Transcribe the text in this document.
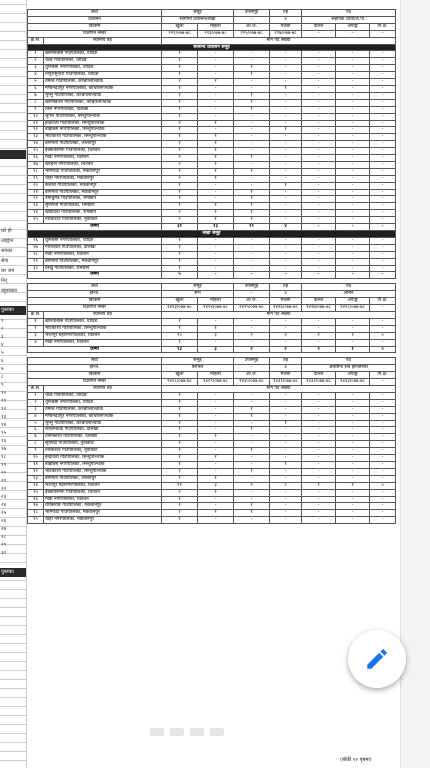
पुस्तका
पुस्तका
को हो
आह्वान
सवका
सेवा
का जम
निर्
बहुसंख्या
१
२
३
४
५
६
७
८
९
१०
११
१२
१३
१४
१५
१६
१७
१८
१९
२०
२१
२२
२३
२४
२५
२६
२७
२८
२९
३०
सेवा		समूह		उपसमूह	तह	पद		
प्रशासन		सामान्य प्रशासन/लेखा		–	४	सहायक चौथो/ले.पा.		
किसिम		खुला	महिला	आ.ज.	मधेसी	दलित	अपाङ्ग	पि.क्षे.
विज्ञापन नम्बर		२२२/०७७-७८	२२३/०७७-७८	२२५/०७७-७८	२२७/०७७-७८	–	–	–
क्र.सं.	स्थानीय तह	माग पद संख्या						
सामान्य प्रशासन समूह								
१	खनियाबास गाउँपालिका, धादिङ	१	-	-	-	-	-	-
२	थाक्रे गाउँपालिका, धादिङ	१	-	-	-	-	-	-
३	धुनिबेंसी नगरपालिका, धादिङ	१	-	१	-	-	-	-
४	त्रिपुरासुन्दरी गाउँपालिका, धादिङ	१	-	१	-	-	-	-
५	तेमाल गाउँपालिका, काभ्रेपलाञ्चोक	२	१	-	-	-	-	-
६	मण्डनदेउपुर नगरपालिका, काभ्रेपलाञ्चोक	१	-	-	१	-	-	-
७	भुम्लु गाउँपालिका, काभ्रेपलाञ्चोक	१	-	१	-	-	-	-
८	खानीखोला गाउँपालिका, काभ्रेपलाञ्चोक	१	-	१	-	-	-	-
९	किर्ने नगरपालिका, दोलखा	१	-	१	-	-	-	-
१०	जुगल गाउँपालिका, सिन्धुपाल्चोक	१	-	-	-	-	-	-
११	इन्द्रावती गाउँपालिका, सिन्धुपाल्चोक	२	१	-	-	-	-	-
१२	बाह्रबिसे नगरपालिका, सिन्धुपाल्चोक	१	-	-	१	-	-	-
१३	भोटेकोशी गाउँपालिका, सिन्धुपाल्चोक	१	१	-	-	-	-	-
१४	बागमती गाउँपालिका, ललितपुर	१	१	-	-	-	-	-
१५	इच्छाकामना गाउँपालिका, चितवन	१	१	-	-	-	-	-
१६	माडी नगरपालिका, चितवन	२	१	१	-	-	-	-
१७	खैरहनी नगरपालिका, चितवन	२	१	-	-	-	-	-
१८	भीमफेदी गाउँपालिका, मकवानपुर	१	१	१	-	-	-	-
१९	थाहा नगरपालिका, मकवानपुर	२	१	-	-	-	-	-
२०	कैलाश गाउँपालिका, मकवानपुर	१	-	-	१	-	-	-
२१	बागमती गाउँपालिका, मकवानपुर	१	-	१	-	-	-	-
२२	उमाकुण्ड गाउँपालिका, रामेछाप	१	-	१	-	-	-	-
२३	सुनापती गाउँपालिका, रामेछाप	१	१	१	-	-	-	-
२४	खाँडादेवी गाउँपालिका, रामेछाप	२	१	१	-	-	-	-
२५	तारकेश्वर गाउँपालिका, नुवाकोट	२	१	१	-	-	-	-
जम्मा		३१	१३	११	४	-	-	-
लेखा समूह								
२६	धुनिबेंसी नगरपालिका, धादिङ	१	-	-	-	-	-	-
२७	गौरीशंकर गाउँपालिका, दोलखा	१	-	-	-	-	-	-
२८	माडी नगरपालिका, चितवन	१	-	-	-	-	-	-
२९	बागमती गाउँपालिका, मकवानपुर	१	-	-	-	-	-	-
३०	लिखु गाउँपालिका, रामेछाप	१	-	-	-	-	-	-
जम्मा		५	-	-	-	-	-	-
सेवा		समूह		उपसमूह	तह	पद		
इन्जि.		सभै		–	४	अमिन		
किसिम		खुला	महिला	आ.ज.	मधेसी	दलित	अपाङ्ग	पि.क्षे.
विज्ञापन नम्बर		१४२३/०७७-७८	१४२४/०७७-७८	१४२५/०७७-७८	१४२६/०७७-७८	१४२७/०७७-७८	१४२८/०७७-७८	–
क्र.सं.	स्थानीय तह	माग पद संख्या						
१	खनियाबास गाउँपालिका, धादिङ	१	-	-	-	-	-	-
२	भोटेकोशी गाउँपालिका, सिन्धुपाल्चोक	१	१	-	-	-	-	-
३	भरतपुर महानगरपालिका, चितवन	१०	३	२	२	२	१	०
४	माडी नगरपालिका, चितवन	१	-	-	-	-	-	-
जम्मा		१३	३	२	२	२	१	०
सेवा		समूह		उपसमूह	तह	पद		
इन्जि.		सिभिल		–	४	असिष्टेन्ट सब इन्जिनियर		
किसिम		खुला	महिला	आ.ज.	मधेसी	दलित	अपाङ्ग	पि.क्षे.
विज्ञापन नम्बर		१४२८/०७७-७८	१४२९/०७७-७८	१४३०/०७७-७८	१४३१/०७७-७८	१४३२/०७७-७८	१४३३/०७७-७८	–
क्र.सं.	स्थानीय तह	माग पद संख्या						
१	थाक्रे गाउँपालिका, धादिङ	१	-	-	-	-	-	-
२	धुनिबेंसी नगरपालिका, धादिङ	१	-	-	-	-	-	-
३	तेमाल गाउँपालिका, काभ्रेपलाञ्चोक	१	-	१	-	-	-	-
४	मण्डनदेउपुर नगरपालिका, काभ्रेपलाञ्चोक	१	-	१	-	-	-	-
५	भुम्लु गाउँपालिका, काभ्रेपलाञ्चोक	१	-	-	१	-	-	-
६	कालिन्चोक गाउँपालिका, दोलखा	१	-	१	-	-	-	-
७	तामाकोशी गाउँपालिका, दोलखा	१	१	-	-	-	-	-
८	सूर्यगढी गाउँपालिका, नुवाकोट	१	-	-	-	-	-	-
९	तारकेश्वर गाउँपालिका, नुवाकोट	१	-	१	-	-	-	-
१०	इन्द्रावती गाउँपालिका, सिन्धुपाल्चोक	१	१	-	-	-	-	-
११	बाह्रबिसे नगरपालिका, सिन्धुपाल्चोक	१	-	-	१	-	-	-
१२	भोटेकोशी गाउँपालिका, सिन्धुपाल्चोक	१	-	१	-	-	-	-
१३	बागमती गाउँपालिका, ललितपुर	१	१	-	-	-	-	-
१४	भरतपुर महानगरपालिका, चितवन	११	३	२	२	१	१	०
१५	इच्छाकामना गाउँपालिका, चितवन	२	१	-	-	-	-	-
१६	माडी नगरपालिका, चितवन	१	-	-	-	-	-	-
१७	राक्सिराङ गाउँपालिका, मकवानपुर	१	-	१	-	-	-	-
१८	भीमफेदी गाउँपालिका, मकवानपुर	२	१	१	-	-	-	-
१९	थाहा नगरपालिका, मकवानपुर	१	-	-	-	-	-	-
(बाँकी १२ पृष्ठमा)
